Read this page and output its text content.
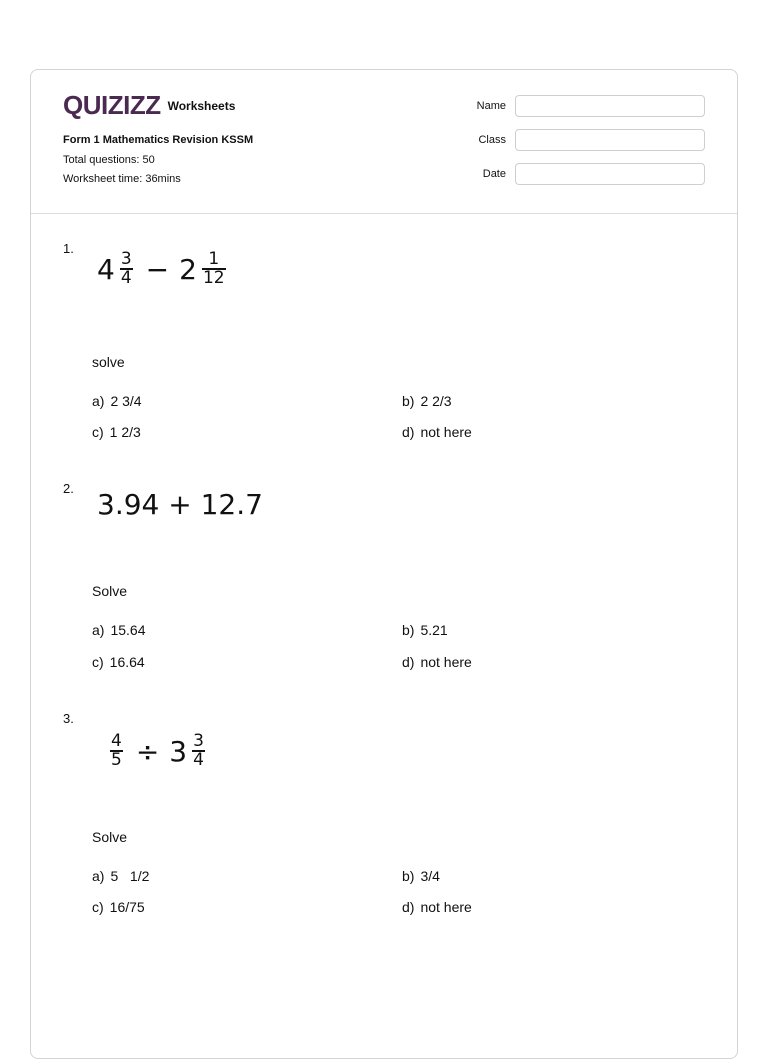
QUIZIZZ Worksheets
Form 1 Mathematics Revision KSSM
Total questions: 50
Worksheet time: 36mins
Name
Class
Date
1.
$4 \frac{3}{4} - 2 \frac{1}{12}$
solve
a) 2 3/4	b) 2 2/3
c) 1 2/3	d) not here
2. 3.94 + 12.7
Solve
a) 15.64	b) 5.21
c) 16.64	d) not here
3.
$\frac{4}{5} \div 3 \frac{3}{4}$
Solve
a) 5   1/2	b) 3/4
c) 16/75	d) not here
